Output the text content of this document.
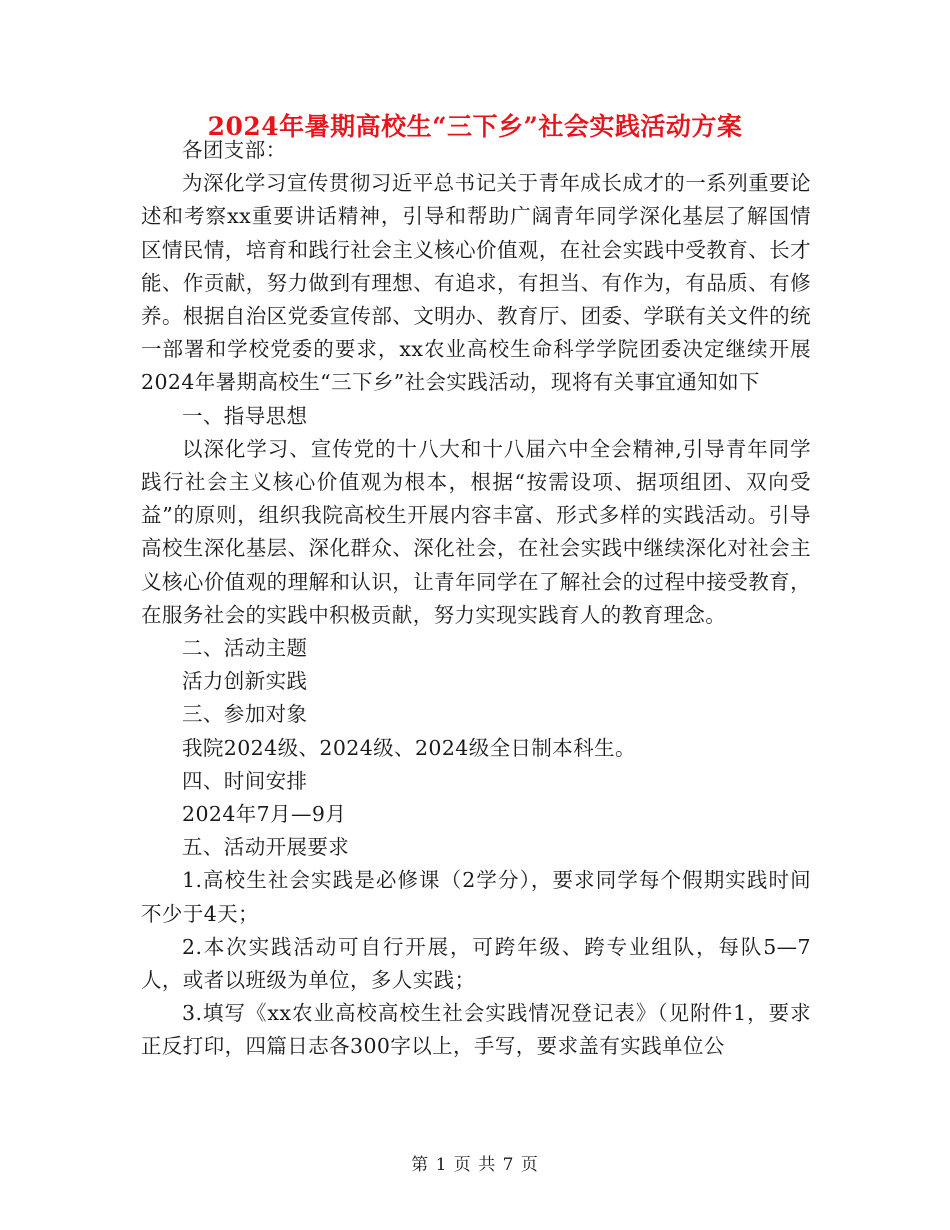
2024年暑期高校生“三下乡”社会实践活动方案

各团支部：

为深化学习宣传贯彻习近平总书记关于青年成长成才的一系列重要论述和考察xx重要讲话精神，引导和帮助广阔青年同学深化基层了解国情区情民情，培育和践行社会主义核心价值观，在社会实践中受教育、长才能、作贡献，努力做到有理想、有追求，有担当、有作为，有品质、有修养。根据自治区党委宣传部、文明办、教育厅、团委、学联有关文件的统一部署和学校党委的要求，xx农业高校生命科学学院团委决定继续开展2024年暑期高校生“三下乡”社会实践活动，现将有关事宜通知如下

一、指导思想

以深化学习、宣传党的十八大和十八届六中全会精神,引导青年同学践行社会主义核心价值观为根本，根据“按需设项、据项组团、双向受益”的原则，组织我院高校生开展内容丰富、形式多样的实践活动。引导高校生深化基层、深化群众、深化社会，在社会实践中继续深化对社会主义核心价值观的理解和认识，让青年同学在了解社会的过程中接受教育，在服务社会的实践中积极贡献，努力实现实践育人的教育理念。

二、活动主题

活力创新实践

三、参加对象

我院2024级、2024级、2024级全日制本科生。

四、时间安排

2024年7月—9月

五、活动开展要求

1.高校生社会实践是必修课（2学分），要求同学每个假期实践时间不少于4天；

2.本次实践活动可自行开展，可跨年级、跨专业组队，每队5—7人，或者以班级为单位，多人实践；

3.填写《xx农业高校高校生社会实践情况登记表》（见附件1，要求正反打印，四篇日志各300字以上，手写，要求盖有实践单位公

第 1 页 共 7 页
